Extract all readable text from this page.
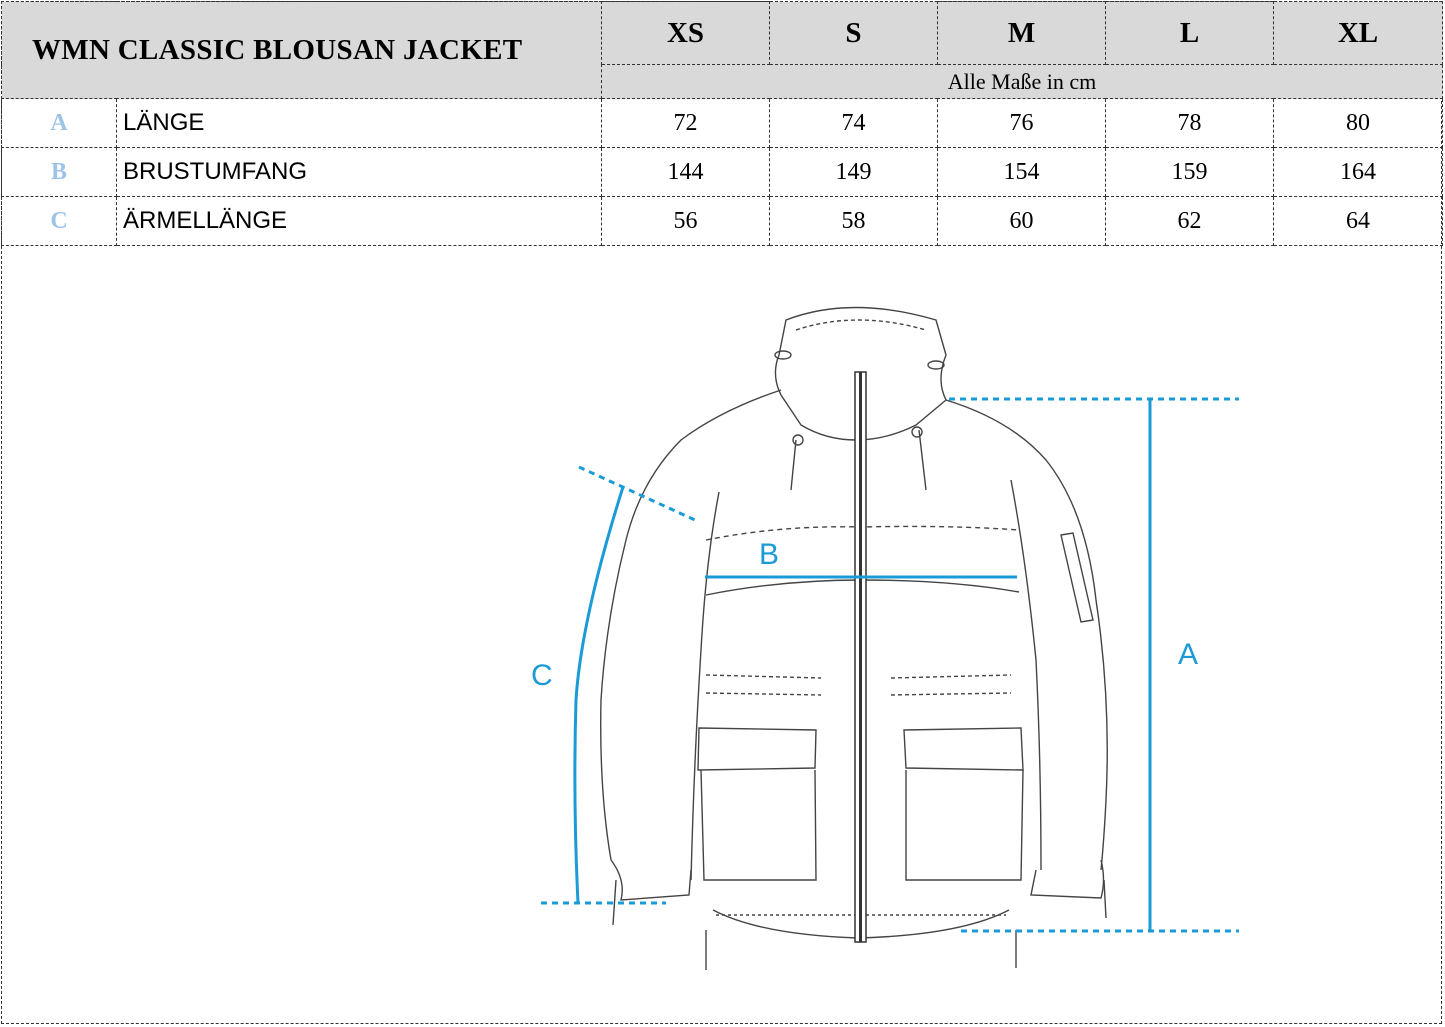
WMN CLASSIC BLOUSAN JACKET		XS	S	M	L	XL
		Alle Maße in cm				
A	LÄNGE	72	74	76	78	80
B	BRUSTUMFANG	144	149	154	159	164
C	ÄRMELLÄNGE	56	58	60	62	64
A
B
C
